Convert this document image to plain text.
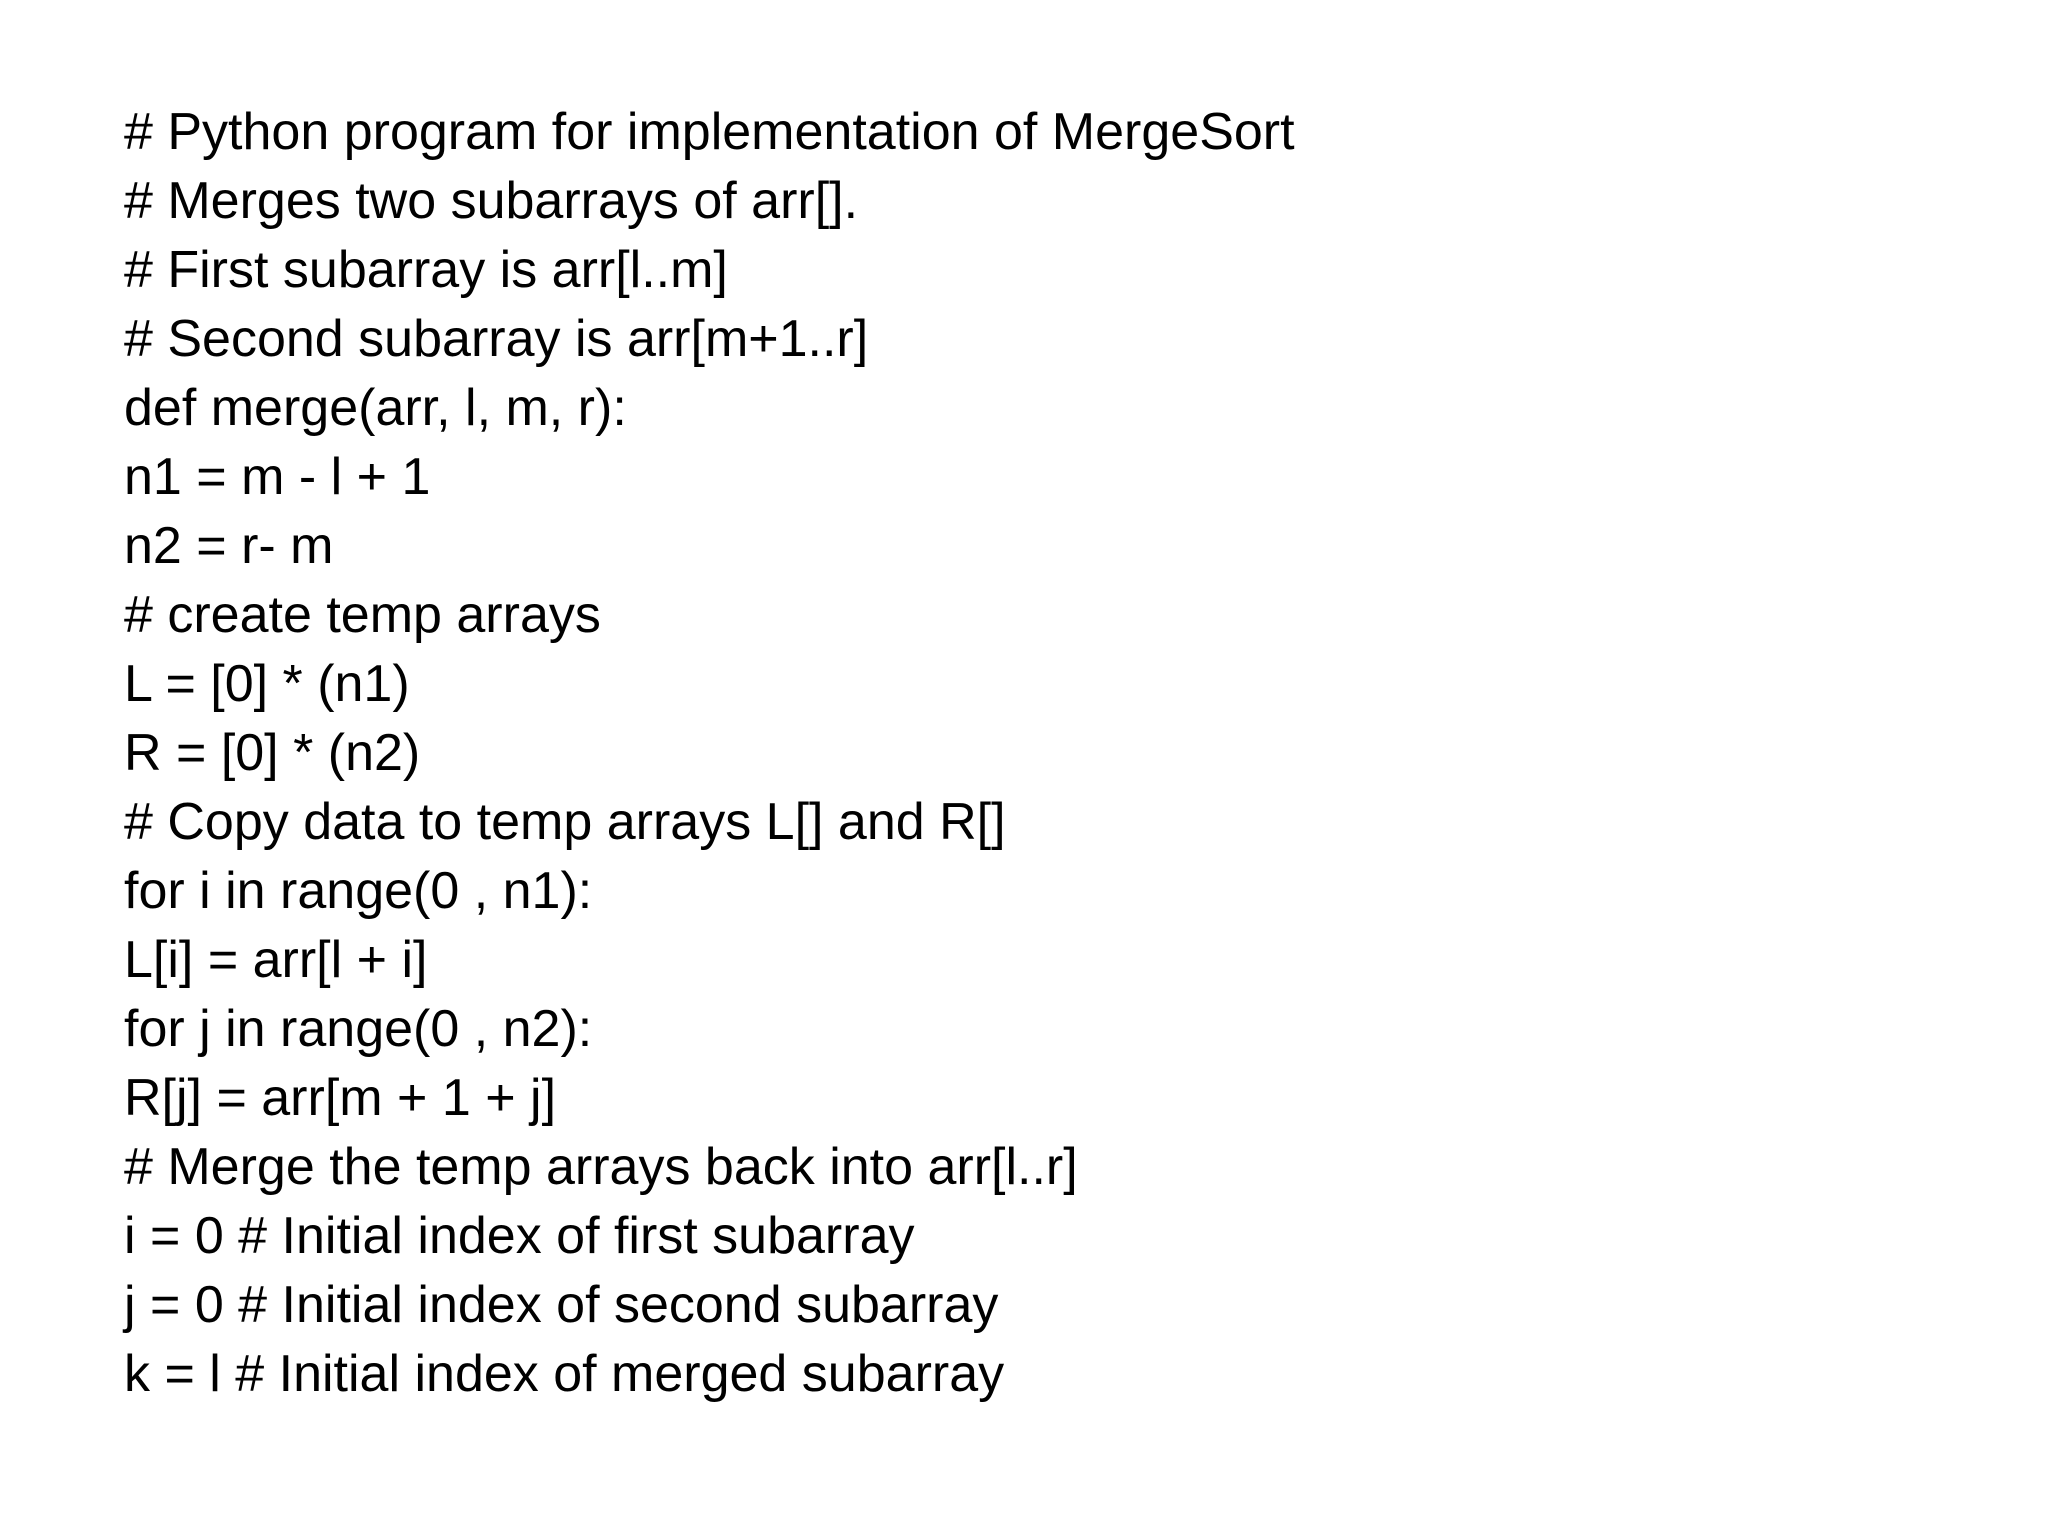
# Python program for implementation of MergeSort
# Merges two subarrays of arr[].
# First subarray is arr[l..m]
# Second subarray is arr[m+1..r]
def merge(arr, l, m, r):
n1 = m - l + 1
n2 = r- m
# create temp arrays
L = [0] * (n1)
R = [0] * (n2)
# Copy data to temp arrays L[] and R[]
for i in range(0 , n1):
L[i] = arr[l + i]
for j in range(0 , n2):
R[j] = arr[m + 1 + j]
# Merge the temp arrays back into arr[l..r]
i = 0 # Initial index of first subarray
j = 0 # Initial index of second subarray
k = l # Initial index of merged subarray
